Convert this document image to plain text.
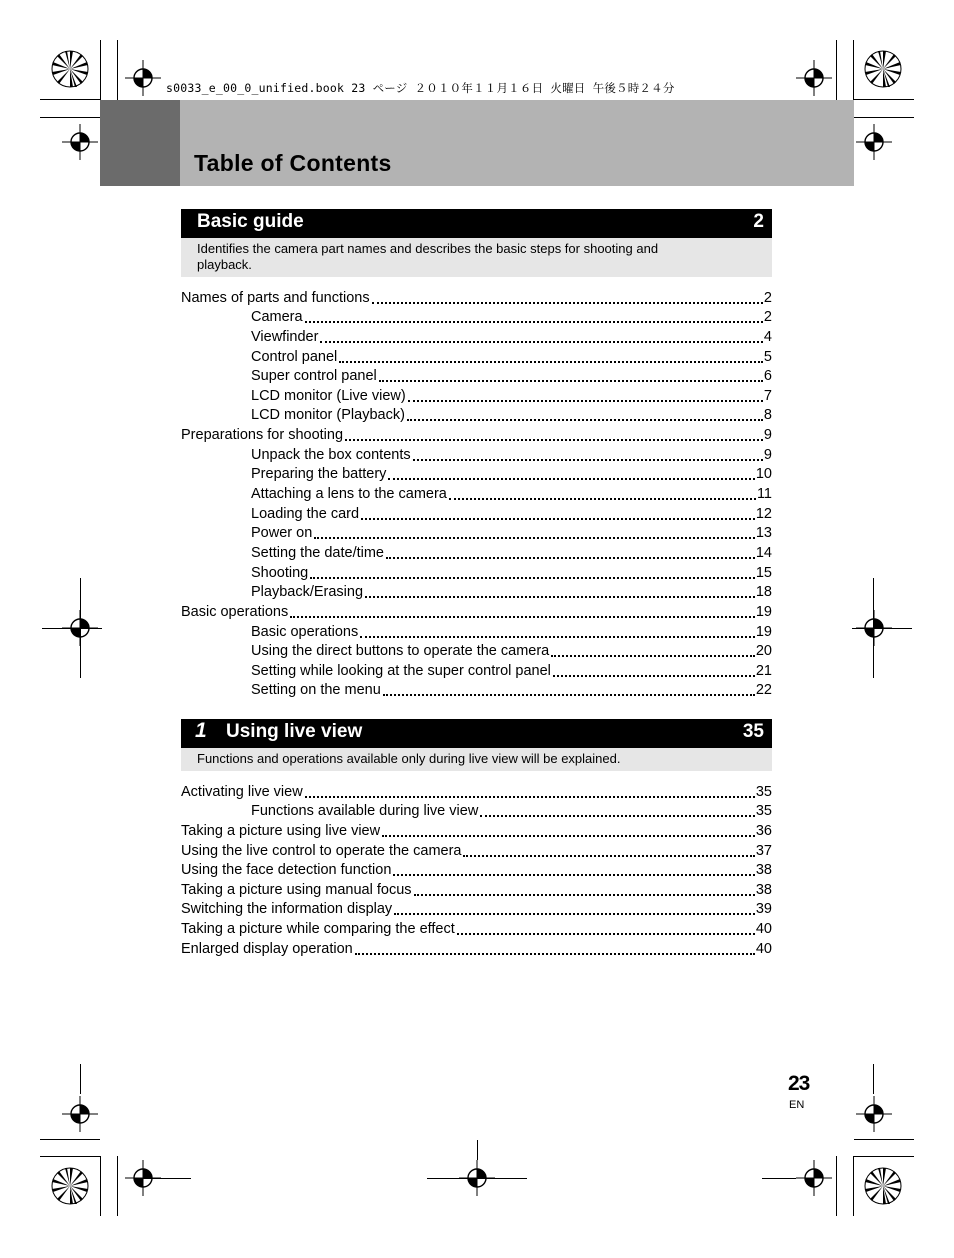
s0033_e_00_0_unified.book 23 ページ ２０１０年１１月１６日 火曜日 午後５時２４分
Table of Contents
Basic guide	2
Identifies the camera part names and describes the basic steps for shooting and playback.
Names of parts and functions	2
Camera	2
Viewfinder	4
Control panel	5
Super control panel	6
LCD monitor (Live view)	7
LCD monitor (Playback)	8
Preparations for shooting	9
Unpack the box contents	9
Preparing the battery	10
Attaching a lens to the camera	11
Loading the card	12
Power on	13
Setting the date/time	14
Shooting	15
Playback/Erasing	18
Basic operations	19
Basic operations	19
Using the direct buttons to operate the camera	20
Setting while looking at the super control panel	21
Setting on the menu	22
1 Using live view	35
Functions and operations available only during live view will be explained.
Activating live view	35
Functions available during live view	35
Taking a picture using live view	36
Using the live control to operate the camera	37
Using the face detection function	38
Taking a picture using manual focus	38
Switching the information display	39
Taking a picture while comparing the effect	40
Enlarged display operation	40
23
EN
